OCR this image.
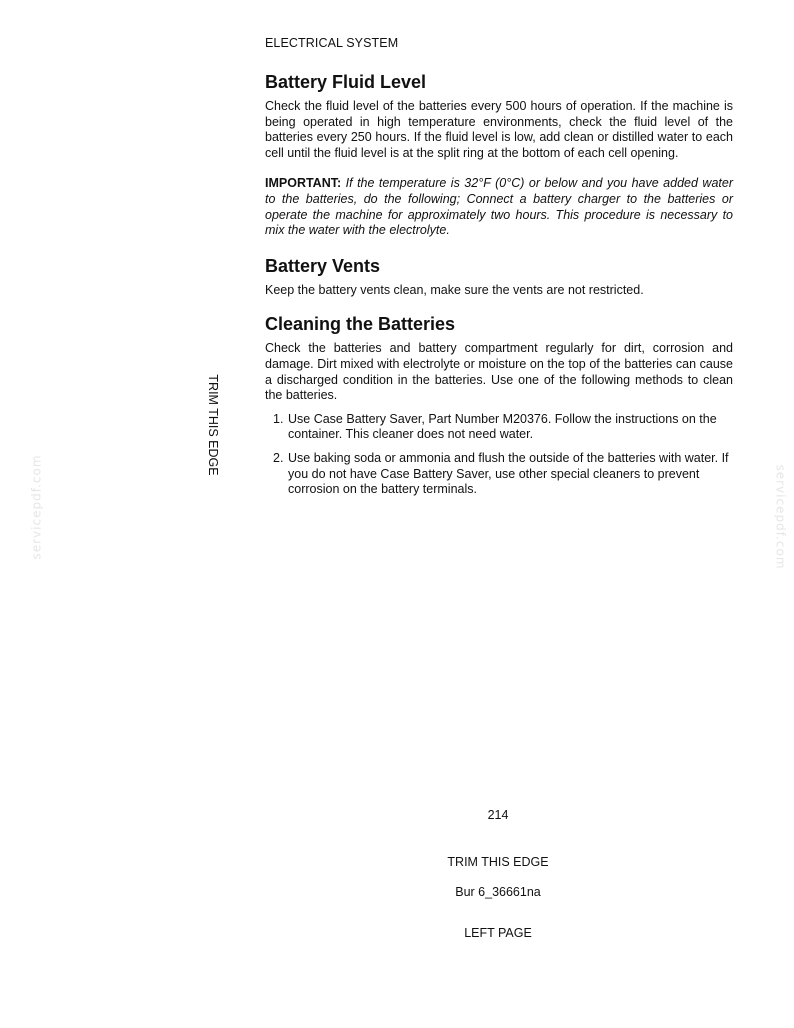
ELECTRICAL SYSTEM
Battery Fluid Level

Check the fluid level of the batteries every 500 hours of operation. If the machine is being operated in high temperature environments, check the fluid level of the batteries every 250 hours. If the fluid level is low, add clean or distilled water to each cell until the fluid level is at the split ring at the bottom of each cell opening.

IMPORTANT: If the temperature is 32°F (0°C) or below and you have added water to the batteries, do the following; Connect a battery charger to the batteries or operate the machine for approximately two hours. This procedure is necessary to mix the water with the electrolyte.

Battery Vents

Keep the battery vents clean, make sure the vents are not restricted.

Cleaning the Batteries

Check the batteries and battery compartment regularly for dirt, corrosion and damage. Dirt mixed with electrolyte or moisture on the top of the batteries can cause a discharged condition in the batteries. Use one of the following methods to clean the batteries.

1. Use Case Battery Saver, Part Number M20376. Follow the instructions on the container. This cleaner does not need water.
2. Use baking soda or ammonia and flush the outside of the batteries with water. If you do not have Case Battery Saver, use other special cleaners to prevent corrosion on the battery terminals.
TRIM THIS EDGE
servicepdf.com	servicepdf.com
214
TRIM THIS EDGE
Bur 6_36661na
LEFT PAGE
